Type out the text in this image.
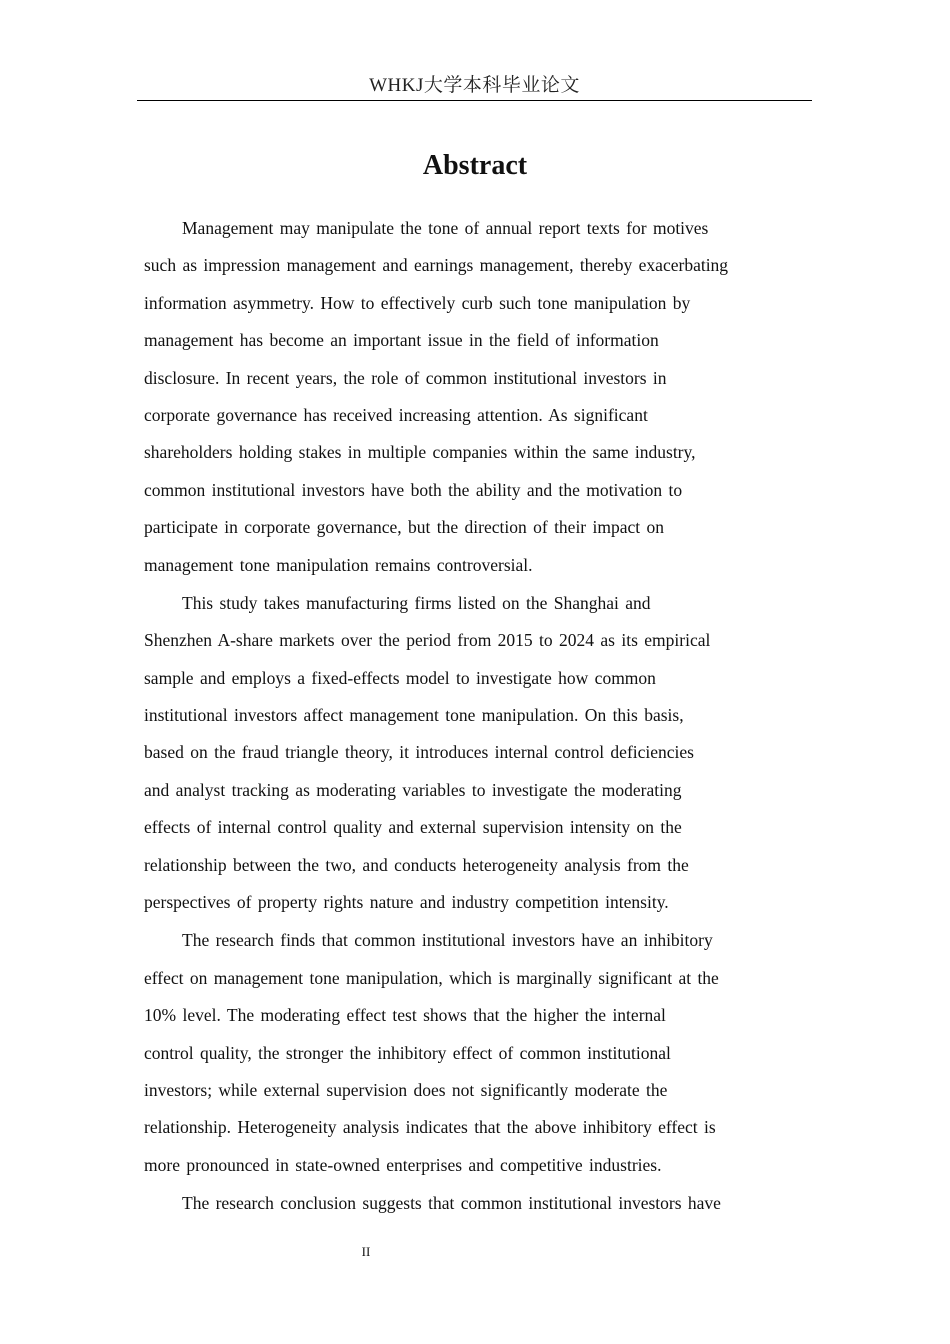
WHKJ大学本科毕业论文
Abstract
Management may manipulate the tone of annual report texts for motives
such as impression management and earnings management, thereby exacerbating
information asymmetry. How to effectively curb such tone manipulation by
management has become an important issue in the field of information
disclosure. In recent years, the role of common institutional investors in
corporate governance has received increasing attention. As significant
shareholders holding stakes in multiple companies within the same industry,
common institutional investors have both the ability and the motivation to
participate in corporate governance, but the direction of their impact on
management tone manipulation remains controversial.
This study takes manufacturing firms listed on the Shanghai and
Shenzhen A-share markets over the period from 2015 to 2024 as its empirical
sample and employs a fixed-effects model to investigate how common
institutional investors affect management tone manipulation. On this basis,
based on the fraud triangle theory, it introduces internal control deficiencies
and analyst tracking as moderating variables to investigate the moderating
effects of internal control quality and external supervision intensity on the
relationship between the two, and conducts heterogeneity analysis from the
perspectives of property rights nature and industry competition intensity.
The research finds that common institutional investors have an inhibitory
effect on management tone manipulation, which is marginally significant at the
10% level. The moderating effect test shows that the higher the internal
control quality, the stronger the inhibitory effect of common institutional
investors; while external supervision does not significantly moderate the
relationship. Heterogeneity analysis indicates that the above inhibitory effect is
more pronounced in state-owned enterprises and competitive industries.
The research conclusion suggests that common institutional investors have
II
